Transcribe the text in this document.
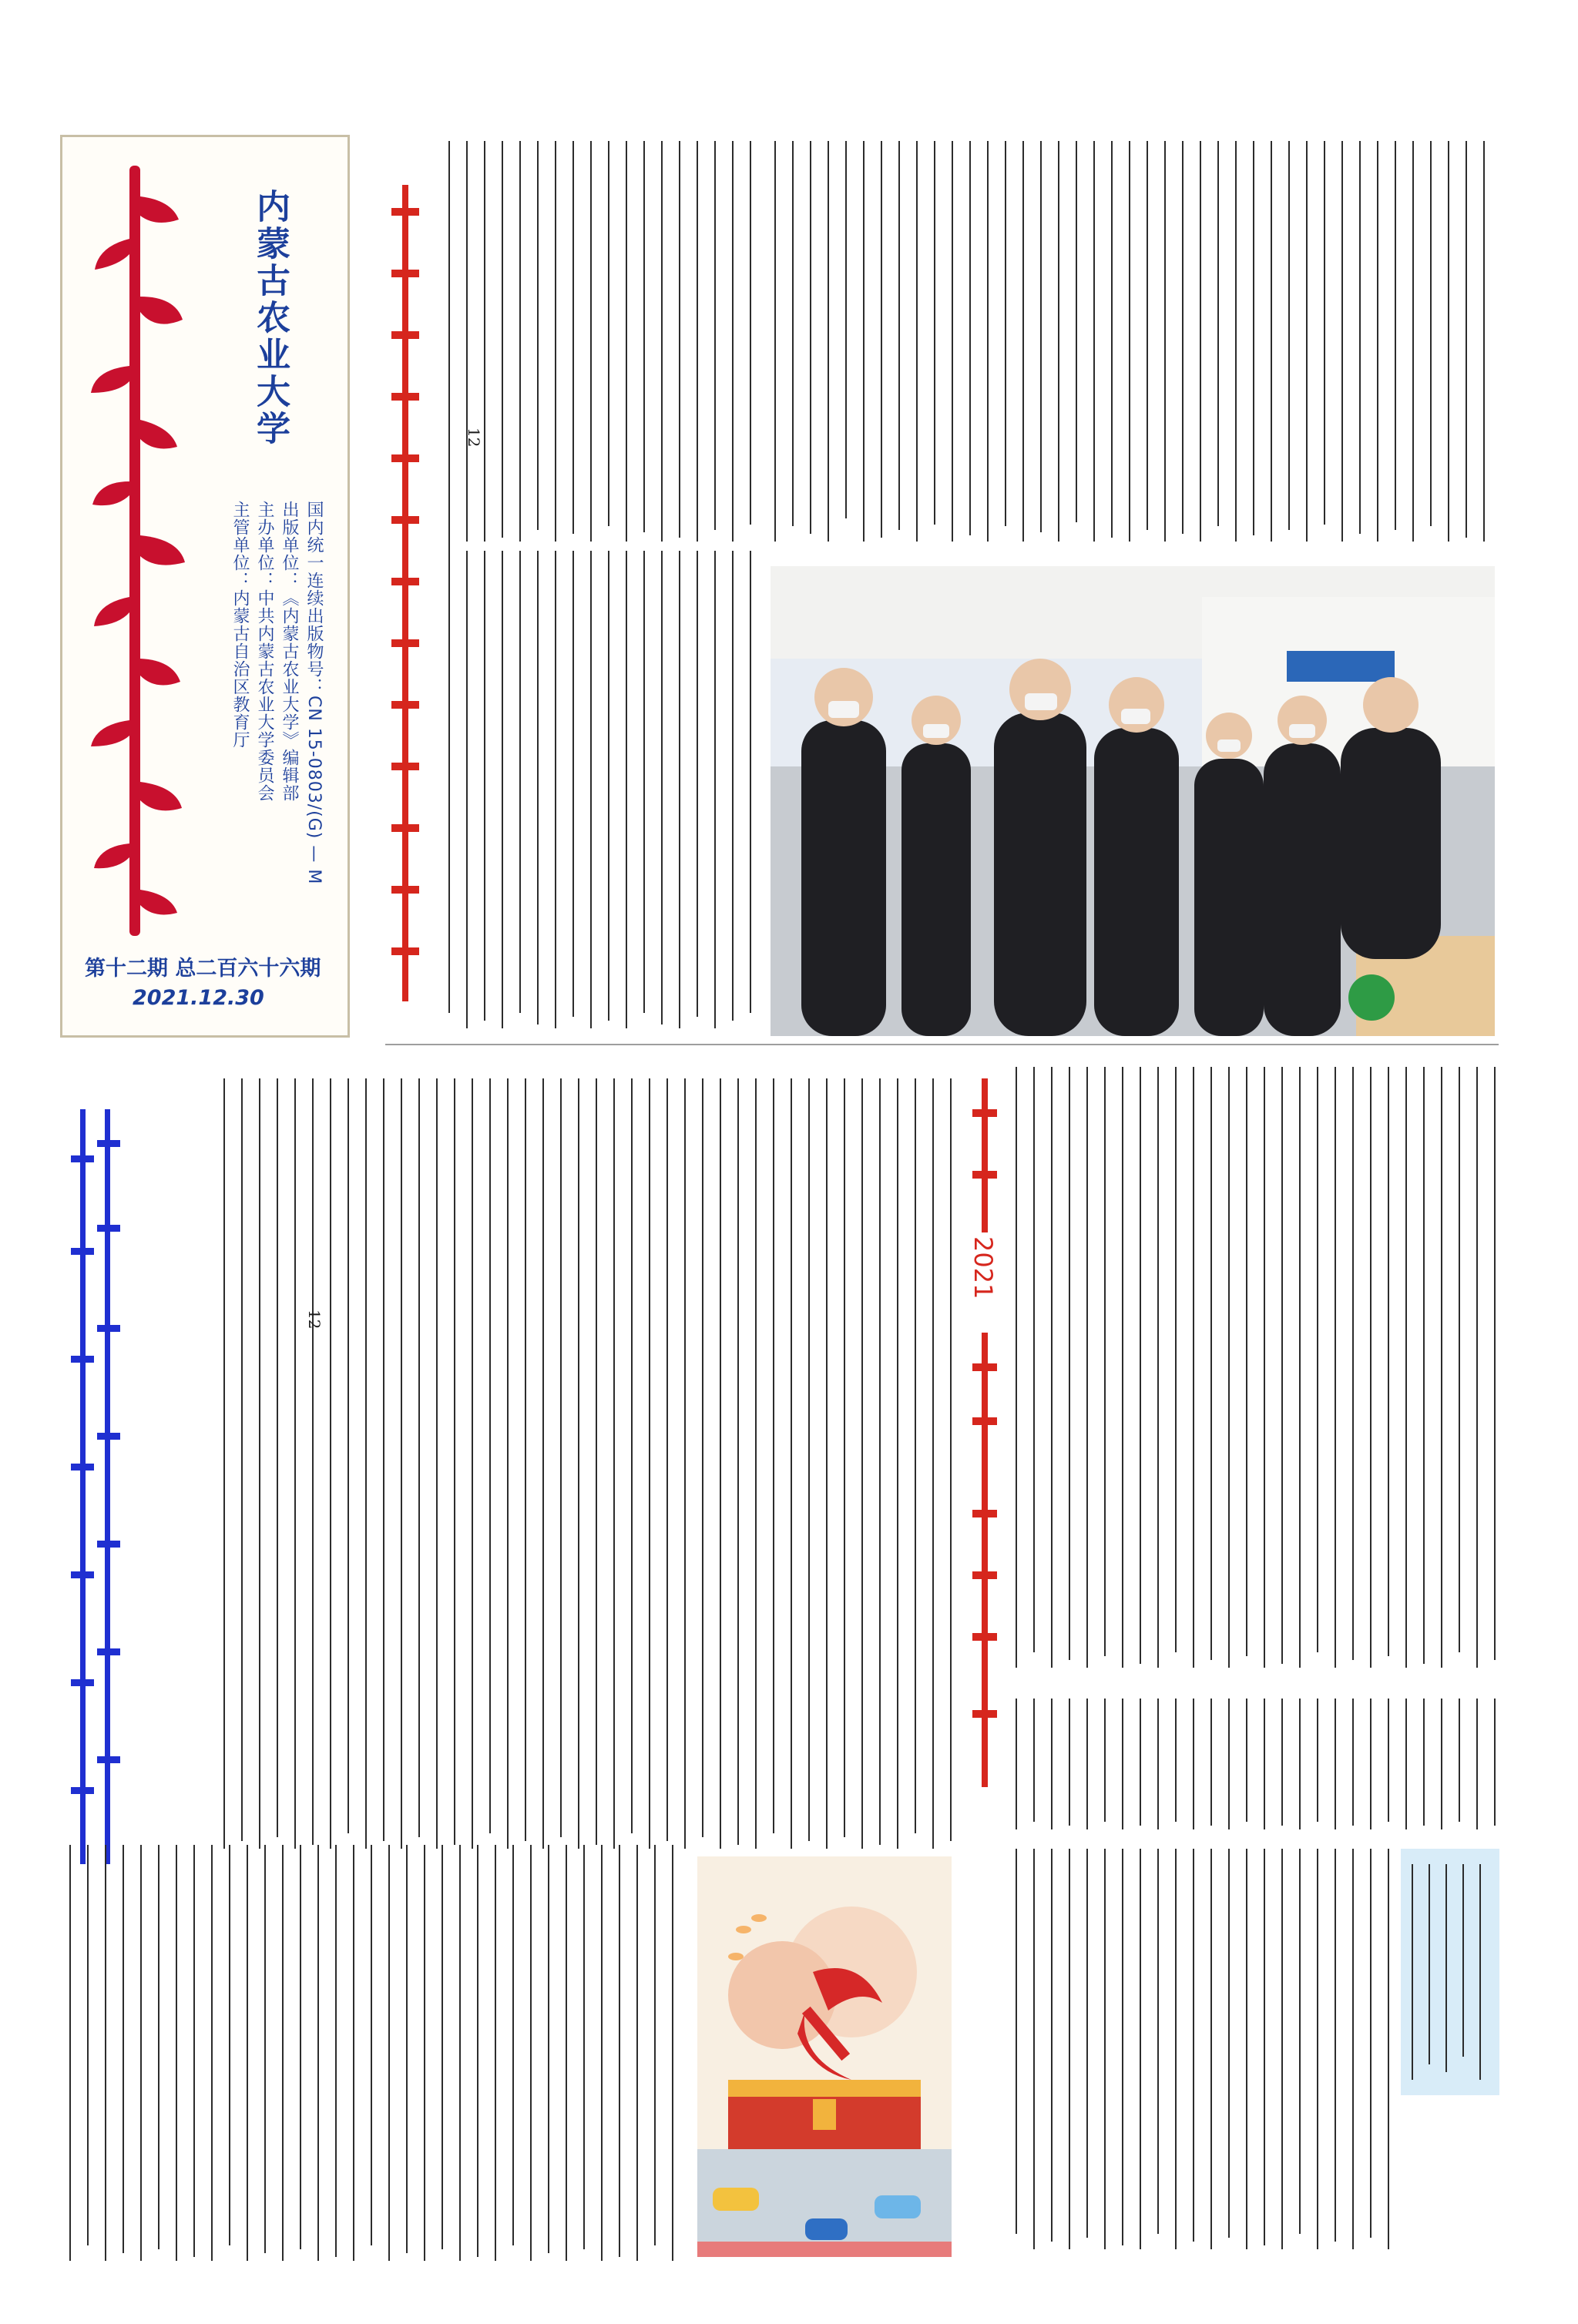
内蒙古农业大学
国内统一连续出版物号：CN 15-0803/(G) — M
出版单位：《内蒙古农业大学》编辑部
主办单位：中共内蒙古农业大学委员会
主管单位：内蒙古自治区教育厅
第十二期 总二百六十六期
2021.12.30
2021
12
12
